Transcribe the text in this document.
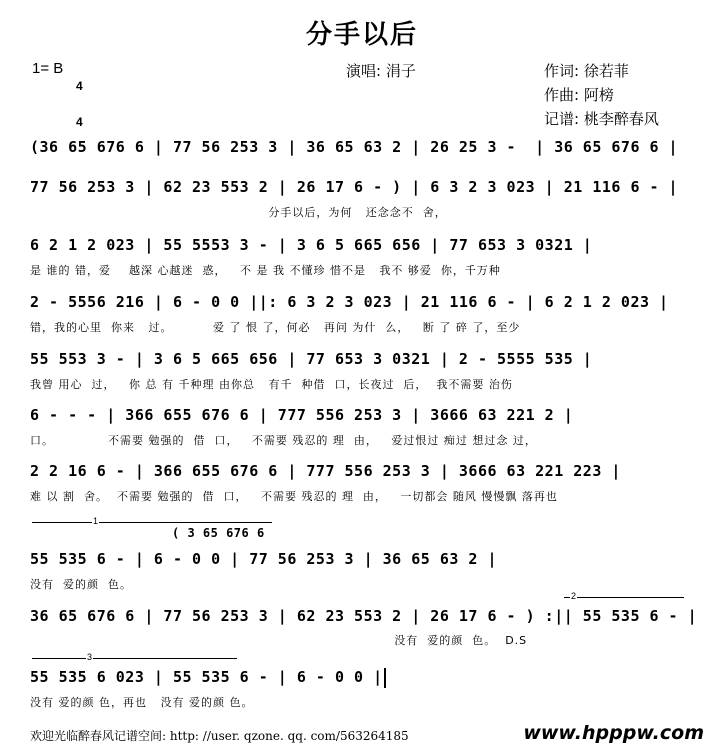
分手以后
1= B

4

4

演唱: 涓子	作词: 徐若菲
作曲: 阿榜
记谱: 桃李醉春风
(36 65 676 6 | 77 56 253 3 | 36 65 63 2 | 26 25 3 -  | 36 65 676 6 |
77 56 253 3 | 62 23 553 2 | 26 17 6 - ) | 6 3 2 3 023 | 21 116 6 - |
分手以后，为何   还念念不  舍，
6 2 1 2 023 | 55 5553 3 - | 3 6 5 665 656 | 77 653 3 0321 |
是 谁的 错，爱    越深 心越迷  惑，   不 是 我 不懂珍 惜不是   我不 够爱  你，千万种
2 - 5556 216 | 6 - 0 0 ||: 6 3 2 3 023 | 21 116 6 - | 6 2 1 2 023 |
错，我的心里  你来   过。         爱 了 恨 了，何必   再问 为什  么，   断 了 碎 了，至少
55 553 3 - | 3 6 5 665 656 | 77 653 3 0321 | 2 - 5555 535 |
我曾 用心  过，   你 总 有 千种理 由你总   有千  种借  口，长夜过  后，  我不需要 治伤
6 - - - | 366 655 676 6 | 777 556 253 3 | 3666 63 221 2 |
口。            不需要 勉强的  借  口，   不需要 残忍的 理  由，   爱过恨过 痴过 想过念 过，
2 2 16 6 - | 366 655 676 6 | 777 556 253 3 | 3666 63 221 223 |
难 以 割  舍。  不需要 勉强的  借  口，   不需要 残忍的 理  由，   一切都会 随风 慢慢飘 落再也
1
( 3 65 676 6
55 535 6 - | 6 - 0 0 | 77 56 253 3 | 36 65 63 2 |
没有  爱的颜  色。
2
36 65 676 6 | 77 56 253 3 | 62 23 553 2 | 26 17 6 - ) :|| 55 535 6 - |
没有  爱的颜  色。  D.S
3
55 535 6 023 | 55 535 6 - | 6 - 0 0 |
没有 爱的颜 色，再也   没有 爱的颜 色。
欢迎光临醉春风记谱空间: http: //user. qzone. qq. com/563264185	www.hpppw.com
